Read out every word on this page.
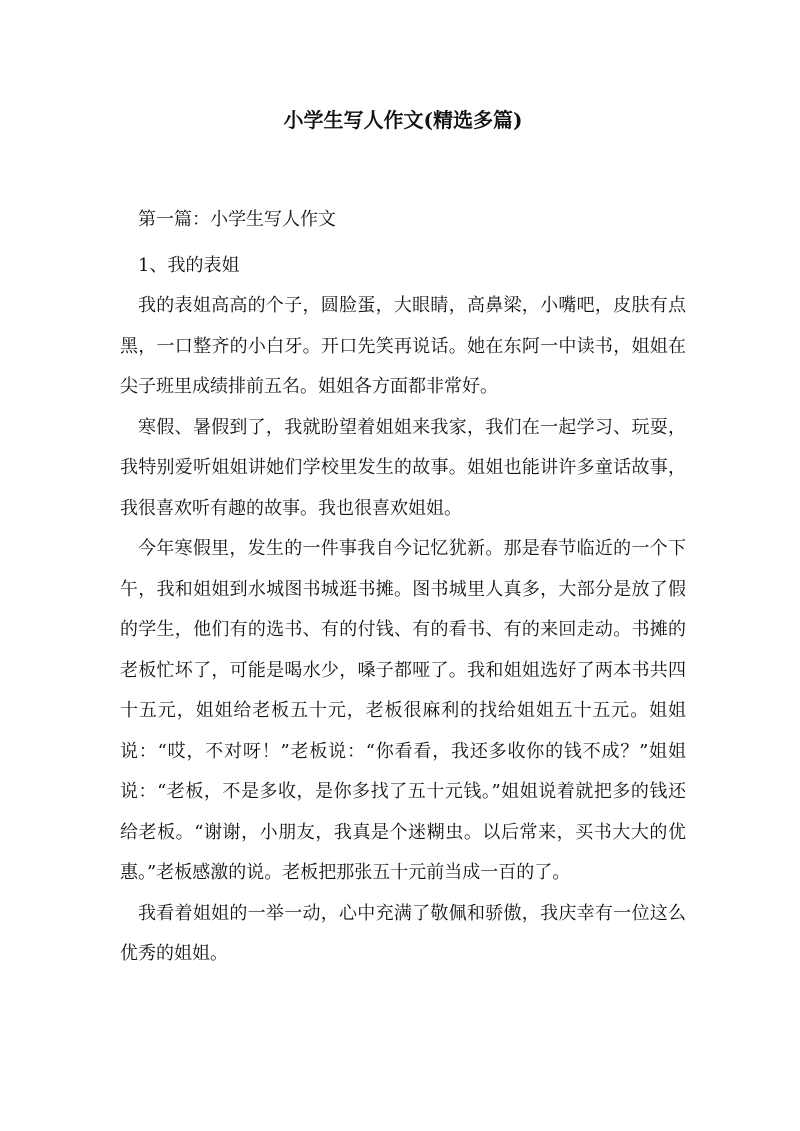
小学生写人作文(精选多篇)

第一篇：小学生写人作文

1、我的表姐

我的表姐高高的个子，圆脸蛋，大眼睛，高鼻梁，小嘴吧，皮肤有点黑，一口整齐的小白牙。开口先笑再说话。她在东阿一中读书，姐姐在尖子班里成绩排前五名。姐姐各方面都非常好。

寒假、暑假到了，我就盼望着姐姐来我家，我们在一起学习、玩耍，我特别爱听姐姐讲她们学校里发生的故事。姐姐也能讲许多童话故事，我很喜欢听有趣的故事。我也很喜欢姐姐。

今年寒假里，发生的一件事我自今记忆犹新。那是春节临近的一个下午，我和姐姐到水城图书城逛书摊。图书城里人真多，大部分是放了假的学生，他们有的选书、有的付钱、有的看书、有的来回走动。书摊的老板忙坏了，可能是喝水少，嗓子都哑了。我和姐姐选好了两本书共四十五元，姐姐给老板五十元，老板很麻利的找给姐姐五十五元。姐姐说：“哎，不对呀！”老板说：“你看看，我还多收你的钱不成？”姐姐说：“老板，不是多收，是你多找了五十元钱。”姐姐说着就把多的钱还给老板。“谢谢，小朋友，我真是个迷糊虫。以后常来，买书大大的优惠。”老板感激的说。老板把那张五十元前当成一百的了。

我看着姐姐的一举一动，心中充满了敬佩和骄傲，我庆幸有一位这么优秀的姐姐。
